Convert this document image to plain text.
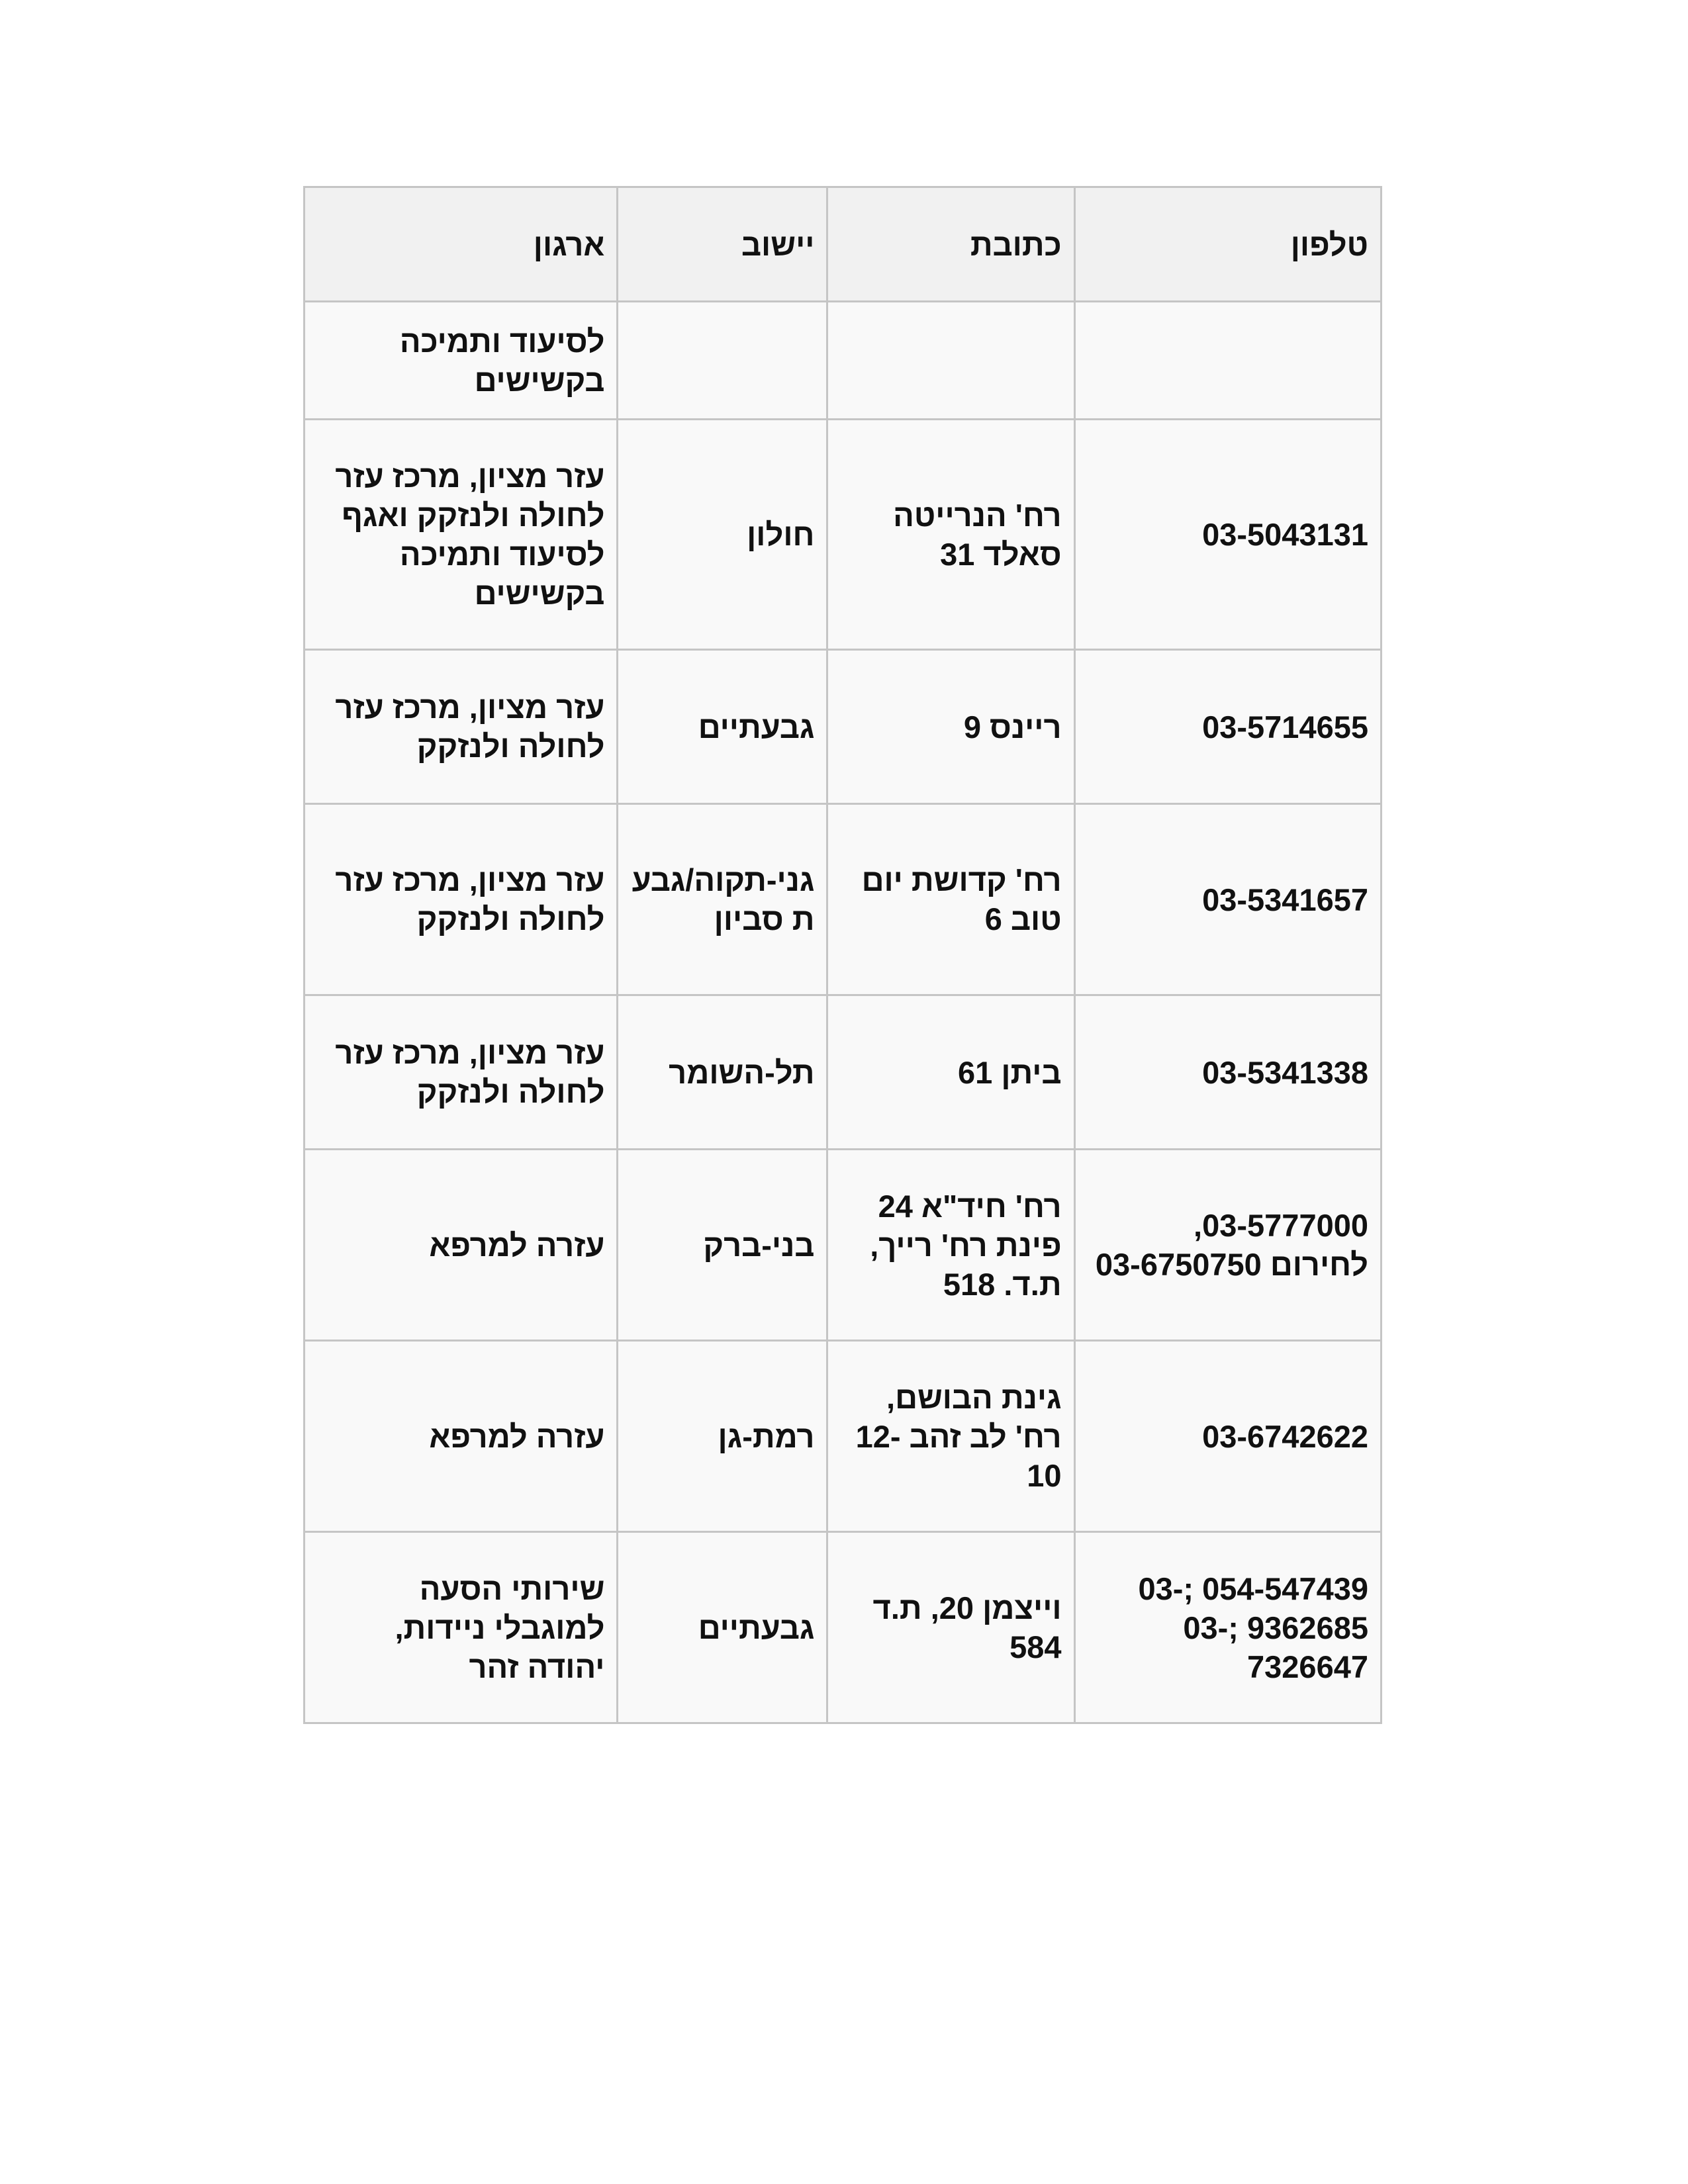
טלפון	כתובת	יישוב	ארגון
			לסיעוד ותמיכה בקשישים
03-5043131	רח' הנרייטה סאלד 31	חולון	עזר מציון, מרכז עזר לחולה ולנזקק ואגף לסיעוד ותמיכה בקשישים
03-5714655	ריינס 9	גבעתיים	עזר מציון, מרכז עזר לחולה ולנזקק
03-5341657	רח' קדושת יום טוב 6	גני-תקוה/גבעת סביון	עזר מציון, מרכז עזר לחולה ולנזקק
03-5341338	ביתן 61	תל-השומר	עזר מציון, מרכז עזר לחולה ולנזקק
03-5777000, לחירום 03-6750750	רח' חיד"א 24 פינת רח' רייך, ת.ד. 518	בני-ברק	עזרה למרפא
03-6742622	גינת הבושם, רח' לב זהב 12-10	רמת-גן	עזרה למרפא
054-547439 ;03-9362685 ;03-7326647	וייצמן 20, ת.ד 584	גבעתיים	שירותי הסעה למוגבלי ניידות, יהודה זהר
